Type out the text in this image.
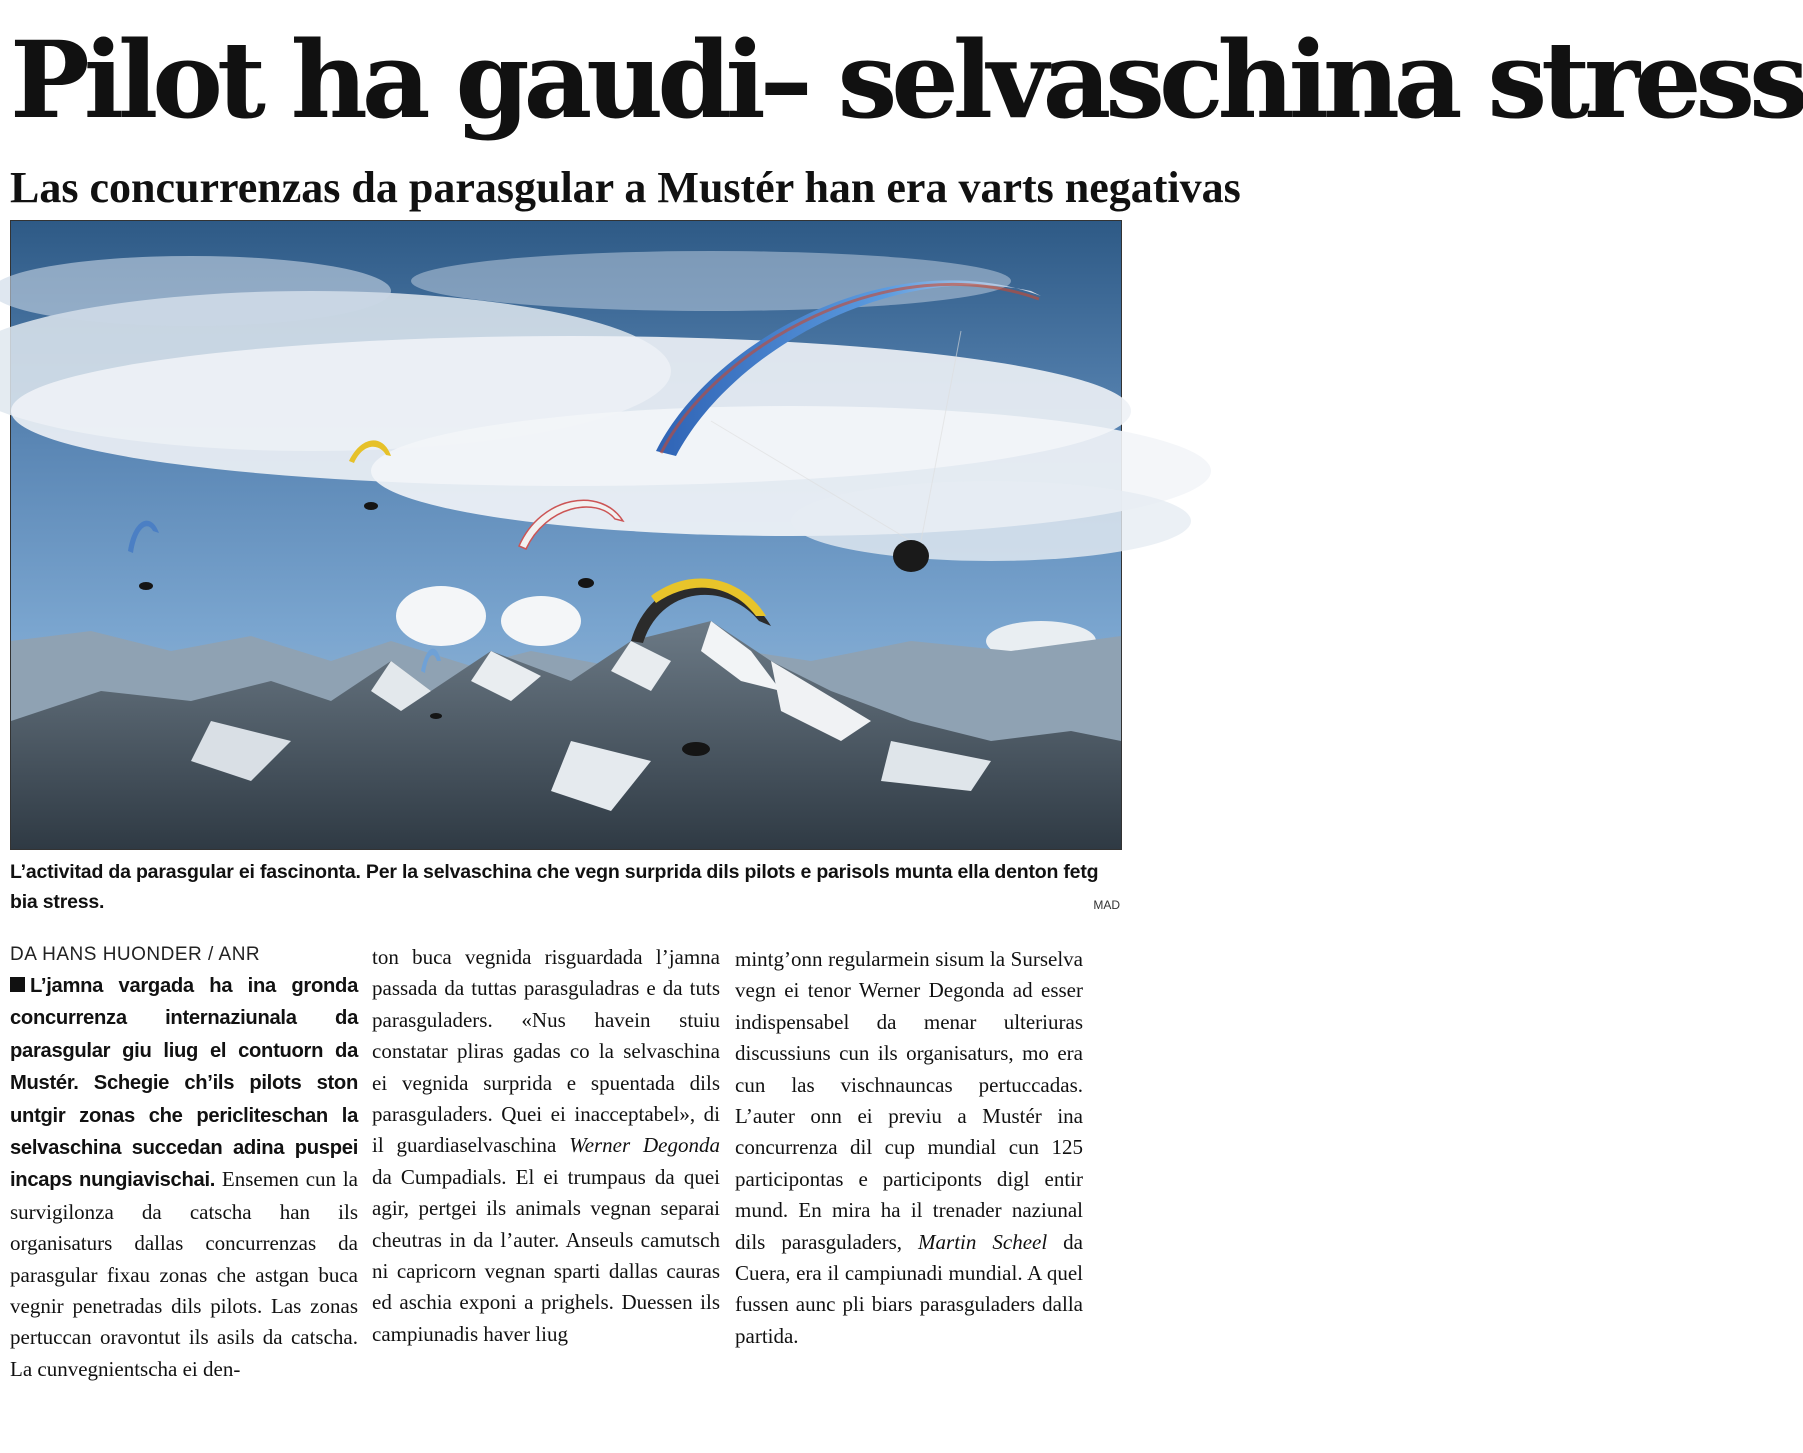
Pilot ha gaudi– selvaschina stress
Las concurrenzas da parasgular a Mustér han era varts negativas

L’activitad da parasgular ei fascinonta. Per la selvaschina che vegn surprida dils pilots e parisols munta ella denton fetg bia stress.	MAD
DA HANS HUONDER / ANR
L’jamna vargada ha ina gronda concurrenza internaziunala da parasgular giu liug el contuorn da Mustér. Schegie ch’ils pilots ston untgir zonas che pericliteschan la selvaschina succedan adina puspei incaps nungiavischai. Ensemen cun la survigilonza da catscha han ils organisaturs dallas concurrenzas da parasgular fixau zonas che astgan buca vegnir penetradas dils pilots. Las zonas pertuccan oravontut ils asils da catscha. La cunvegnientscha ei den-
ton buca vegnida risguardada l’jamna passada da tuttas parasguladras e da tuts parasguladers. «Nus havein stuiu constatar pliras gadas co la selvaschina ei vegnida surprida e spuentada dils parasguladers. Quei ei inacceptabel», di il guardiaselvaschina Werner Degonda da Cumpadials. El ei trumpaus da quei agir, pertgei ils animals vegnan separai cheutras in da l’auter. Anseuls camutsch ni capricorn vegnan sparti dallas cauras ed aschia exponi a prighels. Duessen ils campiunadis haver liug
mintg’onn regularmein sisum la Surselva vegn ei tenor Werner Degonda ad esser indispensabel da menar ulteriuras discussiuns cun ils organisaturs, mo era cun las vischnauncas pertuccadas. L’auter onn ei previu a Mustér ina concurrenza dil cup mundial cun 125 participontas e participonts digl entir mund. En mira ha il trenader naziunal dils parasguladers, Martin Scheel da Cuera, era il campiunadi mundial. A quel fussen aunc pli biars parasguladers dalla partida.
